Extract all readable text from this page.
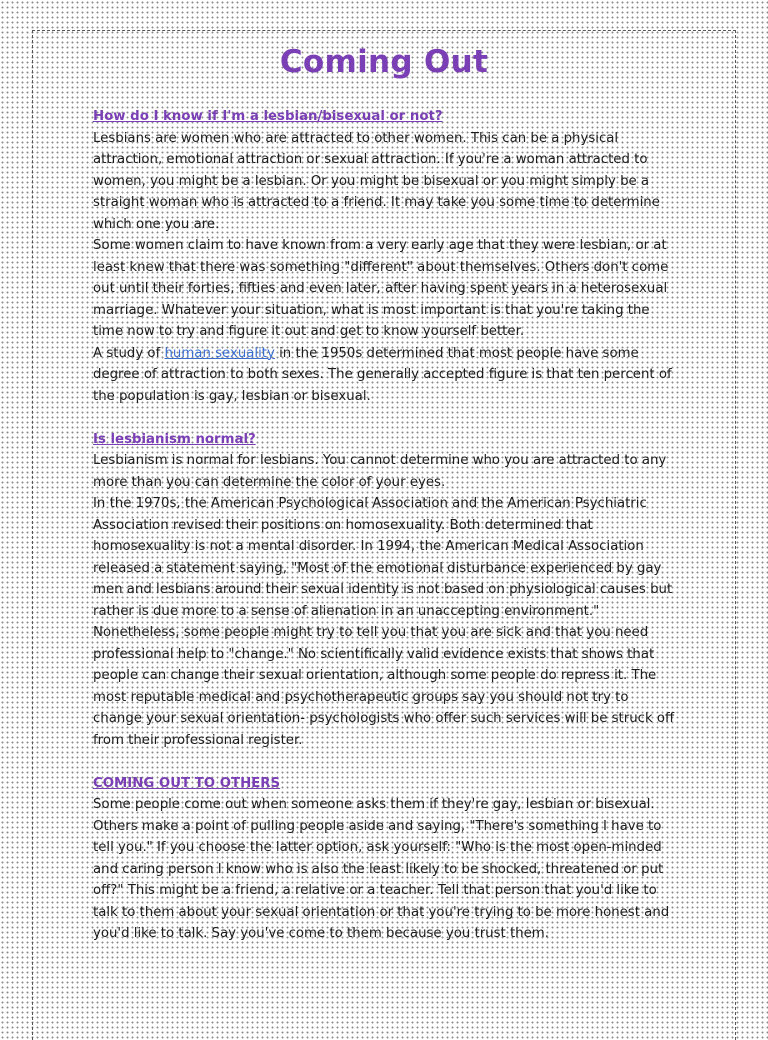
Coming Out
How do I know if I'm a lesbian/bisexual or not?

Lesbians are women who are attracted to other women. This can be a physical attraction, emotional attraction or sexual attraction. If you're a woman attracted to women, you might be a lesbian. Or you might be bisexual or you might simply be a straight woman who is attracted to a friend. It may take you some time to determine which one you are.

Some women claim to have known from a very early age that they were lesbian, or at least knew that there was something "different" about themselves. Others don't come out until their forties, fifties and even later, after having spent years in a heterosexual marriage. Whatever your situation, what is most important is that you're taking the time now to try and figure it out and get to know yourself better.

A study of human sexuality in the 1950s determined that most people have some degree of attraction to both sexes. The generally accepted figure is that ten percent of the population is gay, lesbian or bisexual.

Is lesbianism normal?

Lesbianism is normal for lesbians. You cannot determine who you are attracted to any more than you can determine the color of your eyes.

In the 1970s, the American Psychological Association and the American Psychiatric Association revised their positions on homosexuality. Both determined that homosexuality is not a mental disorder. In 1994, the American Medical Association released a statement saying, "Most of the emotional disturbance experienced by gay men and lesbians around their sexual identity is not based on physiological causes but rather is due more to a sense of alienation in an unaccepting environment." Nonetheless, some people might try to tell you that you are sick and that you need professional help to "change." No scientifically valid evidence exists that shows that people can change their sexual orientation, although some people do repress it. The most reputable medical and psychotherapeutic groups say you should not try to change your sexual orientation- psychologists who offer such services will be struck off from their professional register.

COMING OUT TO OTHERS

Some people come out when someone asks them if they're gay, lesbian or bisexual. Others make a point of pulling people aside and saying, "There's something I have to tell you." If you choose the latter option, ask yourself: "Who is the most open-minded and caring person I know who is also the least likely to be shocked, threatened or put off?" This might be a friend, a relative or a teacher. Tell that person that you'd like to talk to them about your sexual orientation or that you're trying to be more honest and you'd like to talk. Say you've come to them because you trust them.
